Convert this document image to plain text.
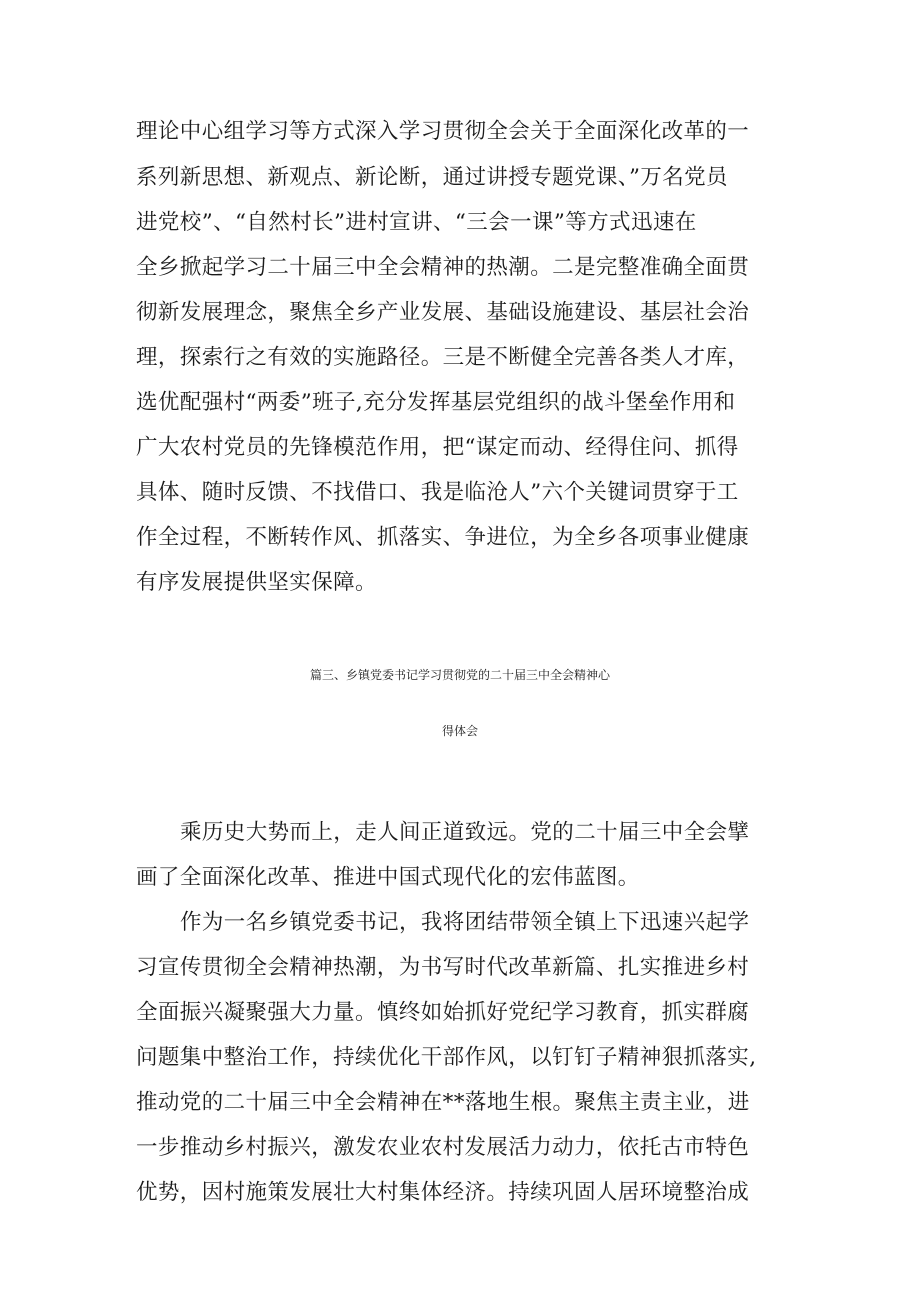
理论中心组学习等方式深入学习贯彻全会关于全面深化改革的一
系列新思想、新观点、新论断，通过讲授专题党课、”万名党员
进党校”、“自然村长”进村宣讲、“三会一课”等方式迅速在
全乡掀起学习二十届三中全会精神的热潮。二是完整准确全面贯
彻新发展理念，聚焦全乡产业发展、基础设施建设、基层社会治
理，探索行之有效的实施路径。三是不断健全完善各类人才库，
选优配强村“两委”班子,充分发挥基层党组织的战斗堡垒作用和
广大农村党员的先锋模范作用，把“谋定而动、经得住问、抓得
具体、随时反馈、不找借口、我是临沧人”六个关键词贯穿于工
作全过程，不断转作风、抓落实、争进位，为全乡各项事业健康
有序发展提供坚实保障。
篇三、乡镇党委书记学习贯彻党的二十届三中全会精神心
得体会
乘历史大势而上，走人间正道致远。党的二十届三中全会擘
画了全面深化改革、推进中国式现代化的宏伟蓝图。
作为一名乡镇党委书记，我将团结带领全镇上下迅速兴起学
习宣传贯彻全会精神热潮，为书写时代改革新篇、扎实推进乡村
全面振兴凝聚强大力量。慎终如始抓好党纪学习教育，抓实群腐
问题集中整治工作，持续优化干部作风，以钉钉子精神狠抓落实,
推动党的二十届三中全会精神在**落地生根。聚焦主责主业，进
一步推动乡村振兴，激发农业农村发展活力动力，依托古市特色
优势，因村施策发展壮大村集体经济。持续巩固人居环境整治成
